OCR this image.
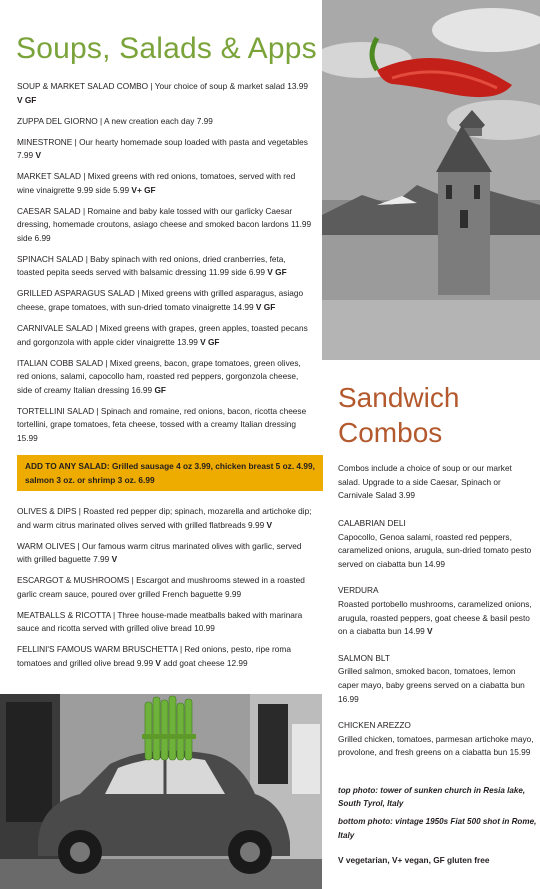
Soups, Salads & Apps
SOUP & MARKET SALAD COMBO | Your choice of soup & market salad 13.99 V GF
ZUPPA DEL GIORNO | A new creation each day 7.99
MINESTRONE | Our hearty homemade soup loaded with pasta and vegetables 7.99 V
MARKET SALAD | Mixed greens with red onions, tomatoes, served with red wine vinaigrette 9.99 side 5.99 V+ GF
CAESAR SALAD | Romaine and baby kale tossed with our garlicky Caesar dressing, homemade croutons, asiago cheese and smoked bacon lardons 11.99 side 6.99
SPINACH SALAD | Baby spinach with red onions, dried cranberries, feta, toasted pepita seeds served with balsamic dressing 11.99 side 6.99 V GF
GRILLED ASPARAGUS SALAD | Mixed greens with grilled asparagus, asiago cheese, grape tomatoes, with sun-dried tomato vinaigrette 14.99 V GF
CARNIVALE SALAD | Mixed greens with grapes, green apples, toasted pecans and gorgonzola with apple cider vinaigrette 13.99 V GF
ITALIAN COBB SALAD | Mixed greens, bacon, grape tomatoes, green olives, red onions, salami, capocollo ham, roasted red peppers, gorgonzola cheese, side of creamy Italian dressing 16.99 GF
TORTELLINI SALAD | Spinach and romaine, red onions, bacon, ricotta cheese tortellini, grape tomatoes, feta cheese, tossed with a creamy Italian dressing 15.99
ADD TO ANY SALAD: Grilled sausage 4 oz 3.99, chicken breast 5 oz. 4.99, salmon 3 oz. or shrimp 3 oz. 6.99
OLIVES & DIPS | Roasted red pepper dip; spinach, mozarella and artichoke dip; and warm citrus marinated olives served with grilled flatbreads 9.99 V
WARM OLIVES | Our famous warm citrus marinated olives with garlic, served with grilled baguette 7.99 V
ESCARGOT & MUSHROOMS | Escargot and mushrooms stewed in a roasted garlic cream sauce, poured over grilled French baguette 9.99
MEATBALLS & RICOTTA | Three house-made meatballs baked with marinara sauce and ricotta served with grilled olive bread 10.99
FELLINI'S FAMOUS WARM BRUSCHETTA | Red onions, pesto, ripe roma tomatoes and grilled olive bread 9.99 V add goat cheese 12.99
Sandwich
Combos

Combos include a choice of soup or our market salad. Upgrade to a side Caesar, Spinach or Carnivale Salad 3.99

CALABRIAN DELI
Capocollo, Genoa salami, roasted red peppers, caramelized onions, arugula, sun-dried tomato pesto served on ciabatta bun 14.99
VERDURA
Roasted portobello mushrooms, caramelized onions, arugula, roasted peppers, goat cheese & basil pesto on a ciabatta bun 14.99 V
SALMON BLT
Grilled salmon, smoked bacon, tomatoes, lemon caper mayo, baby greens served on a ciabatta bun 16.99
CHICKEN AREZZO
Grilled chicken, tomatoes, parmesan artichoke mayo, provolone, and fresh greens on a ciabatta bun 15.99

top photo: tower of sunken church in Resia lake, South Tyrol, Italy

bottom photo: vintage 1950s Fiat 500 shot in Rome, Italy

V vegetarian, V+ vegan, GF gluten free
